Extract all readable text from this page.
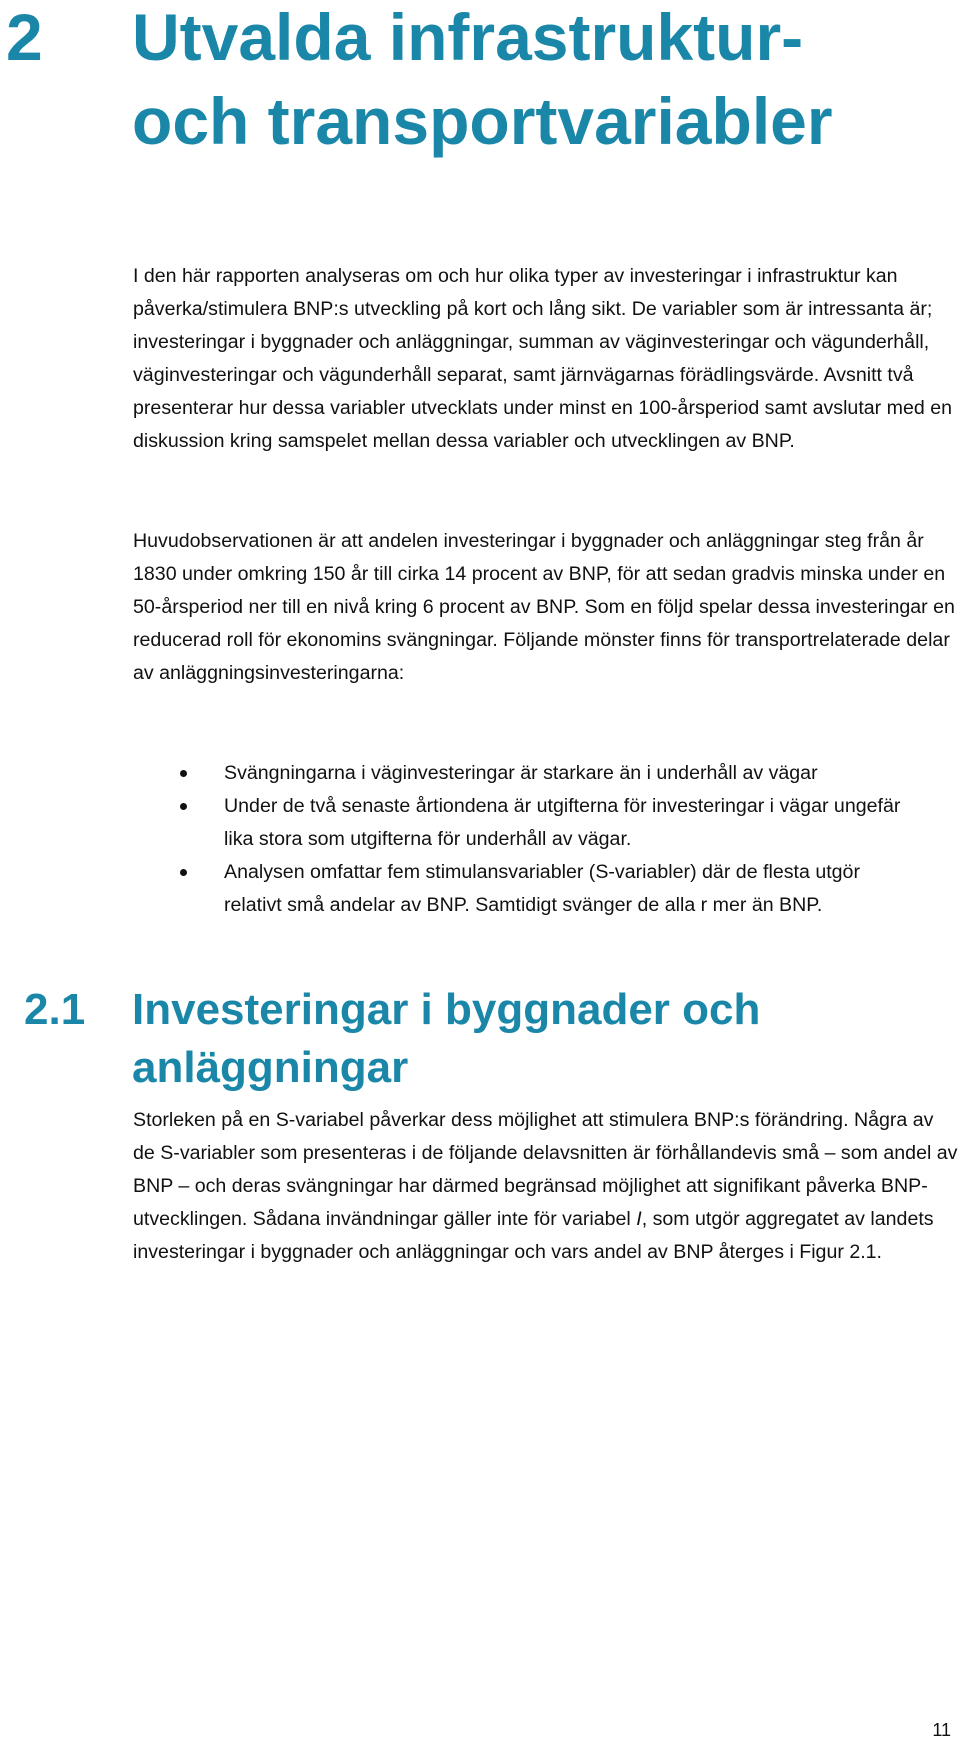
2 Utvalda infrastruktur- och transportvariabler

I den här rapporten analyseras om och hur olika typer av investeringar i infrastruktur kan påverka/stimulera BNP:s utveckling på kort och lång sikt. De variabler som är intressanta är; investeringar i byggnader och anläggningar, summan av väginvesteringar och vägunderhåll, väginvesteringar och vägunderhåll separat, samt järnvägarnas förädlingsvärde. Avsnitt två presenterar hur dessa variabler utvecklats under minst en 100-årsperiod samt avslutar med en diskussion kring samspelet mellan dessa variabler och utvecklingen av BNP.

Huvudobservationen är att andelen investeringar i byggnader och anläggningar steg från år 1830 under omkring 150 år till cirka 14 procent av BNP, för att sedan gradvis minska under en 50-årsperiod ner till en nivå kring 6 procent av BNP. Som en följd spelar dessa investeringar en reducerad roll för ekonomins svängningar. Följande mönster finns för transportrelaterade delar av anläggningsinvesteringarna:

Svängningarna i väginvesteringar är starkare än i underhåll av vägar
Under de två senaste årtiondena är utgifterna för investeringar i vägar ungefär lika stora som utgifterna för underhåll av vägar.
Analysen omfattar fem stimulansvariabler (S-variabler) där de flesta utgör relativt små andelar av BNP. Samtidigt svänger de alla r mer än BNP.
2.1 Investeringar i byggnader och anläggningar

Storleken på en S-variabel påverkar dess möjlighet att stimulera BNP:s förändring. Några av de S-variabler som presenteras i de följande delavsnitten är förhållandevis små – som andel av BNP – och deras svängningar har därmed begränsad möjlighet att signifikant påverka BNP-utvecklingen. Sådana invändningar gäller inte för variabel I, som utgör aggregatet av landets investeringar i byggnader och anläggningar och vars andel av BNP återges i Figur 2.1.

11
